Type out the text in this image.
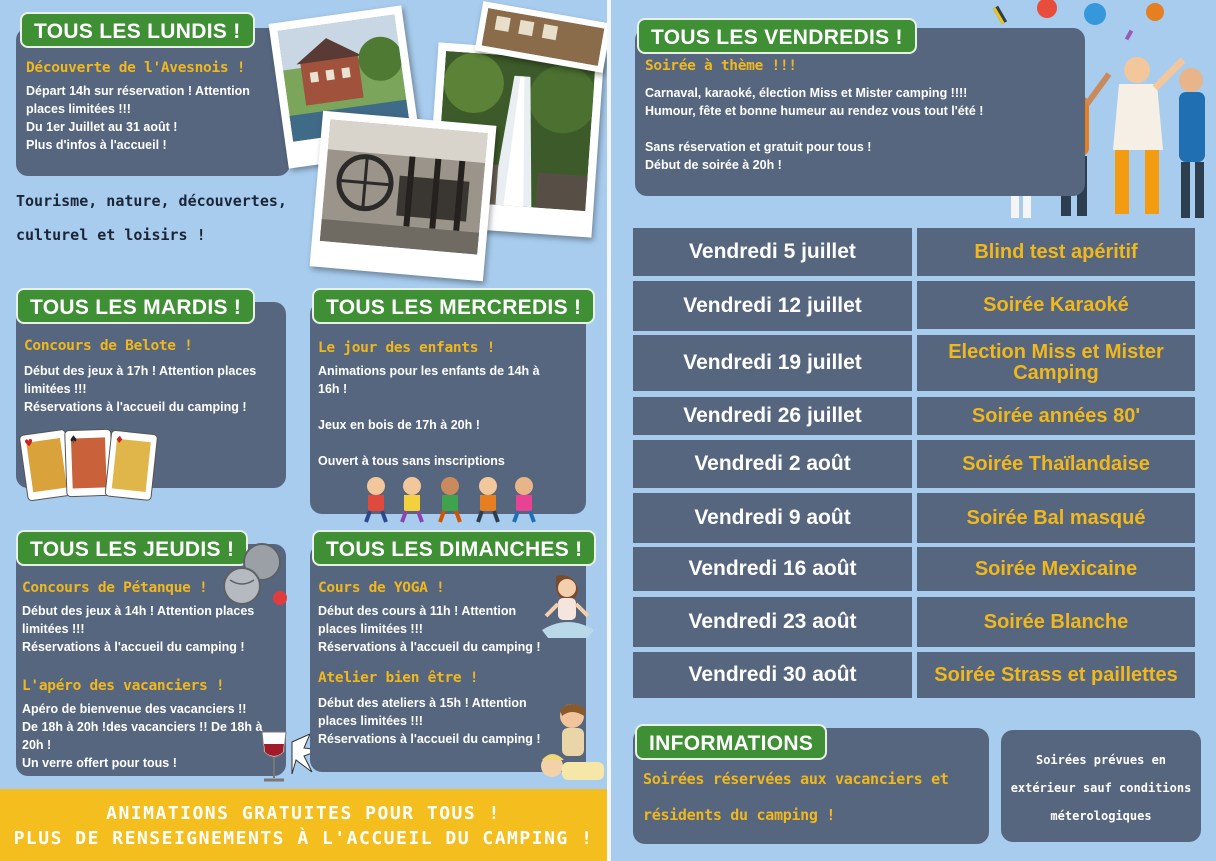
Découverte de l'Avesnois !

Départ 14h sur réservation ! Attention

places limitées !!!

Du 1er Juillet au 31 août !

Plus d'infos à l'accueil !

TOUS LES LUNDIS !
Tourisme, nature, découvertes,
culturel et loisirs !
Concours de Belote !

Début des jeux à 17h ! Attention places

limitées !!!

Réservations à l'accueil du camping !

TOUS LES MARDIS !
♥	♠	♦
Le jour des enfants !

Animations pour les enfants de 14h à

16h !

Jeux en bois de 17h à 20h !

Ouvert à tous sans inscriptions

TOUS LES MERCREDIS !
Concours de Pétanque !

Début des jeux à 14h ! Attention places

limitées !!!

Réservations à l'accueil du camping !

L'apéro des vacanciers !

Apéro de bienvenue des vacanciers !!

De 18h à 20h !des vacanciers !! De 18h à

20h !

Un verre offert pour tous !

TOUS LES JEUDIS !
Cours de YOGA !

Début des cours à 11h ! Attention

places limitées !!!

Réservations à l'accueil du camping !

Atelier bien être !

Début des ateliers à 15h ! Attention

places limitées !!!

Réservations à l'accueil du camping !

TOUS LES DIMANCHES !
ANIMATIONS GRATUITES POUR TOUS !
PLUS DE RENSEIGNEMENTS À L'ACCUEIL DU CAMPING !
Soirée à thème !!!

Carnaval, karaoké, élection Miss et Mister camping !!!!

Humour, fête et bonne humeur au rendez vous tout l'été !

Sans réservation et gratuit pour tous !

Début de soirée à 20h !

TOUS LES VENDREDIS !
Vendredi 5 juillet	Blind test apéritif
Vendredi 12 juillet	Soirée Karaoké
Vendredi 19 juillet	Election Miss et Mister Camping
Vendredi 26 juillet	Soirée années 80'
Vendredi 2 août	Soirée Thaïlandaise
Vendredi 9 août	Soirée Bal masqué
Vendredi 16 août	Soirée Mexicaine
Vendredi 23 août	Soirée Blanche
Vendredi 30 août	Soirée Strass et paillettes
Soirées réservées aux vacanciers et
résidents du camping !
INFORMATIONS
Soirées prévues en
extérieur sauf conditions
méterologiques
